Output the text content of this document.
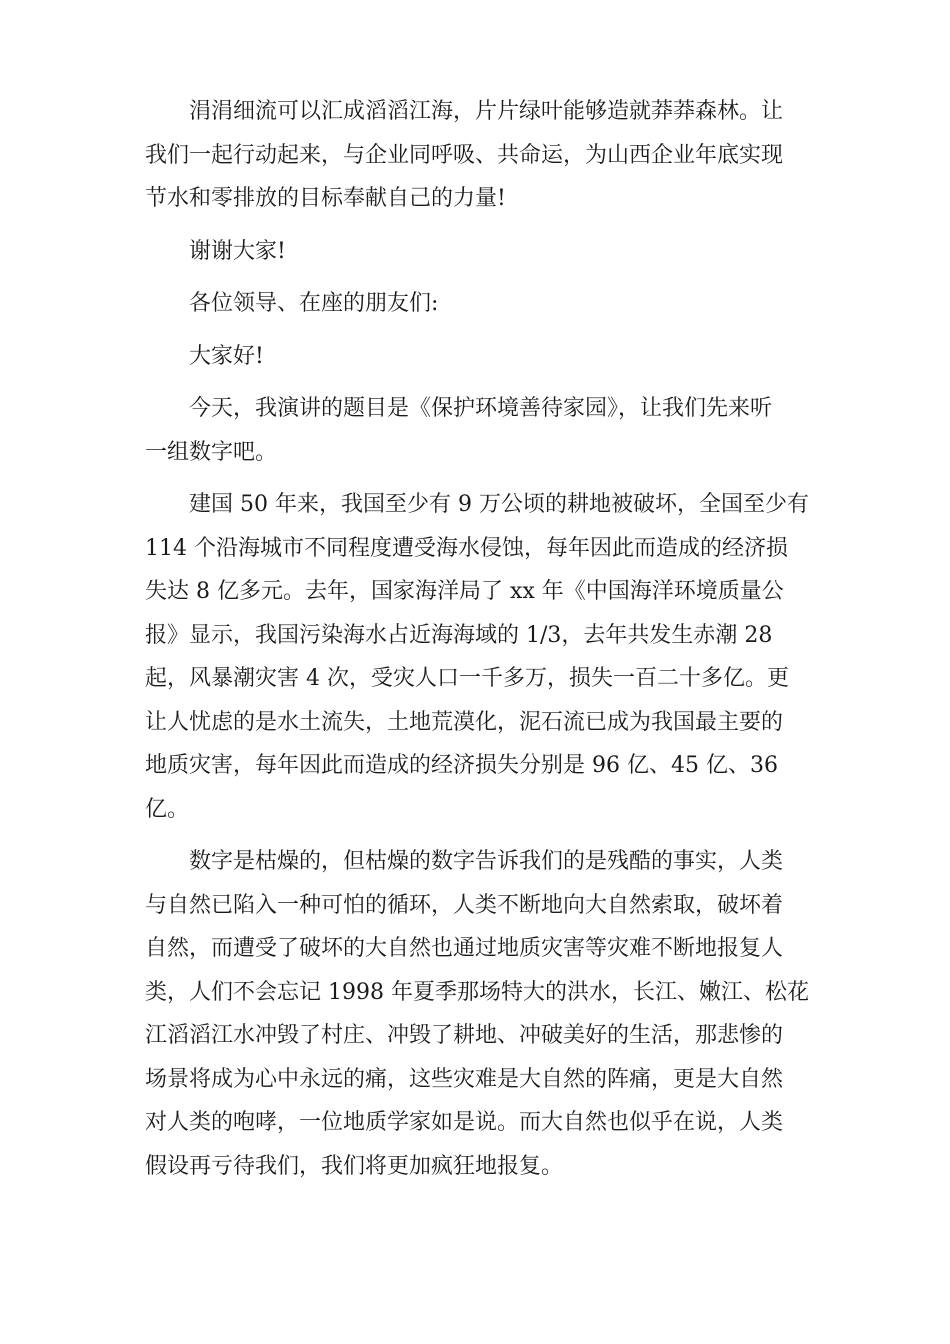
涓涓细流可以汇成滔滔江海，片片绿叶能够造就莽莽森林。让
我们一起行动起来，与企业同呼吸、共命运，为山西企业年底实现
节水和零排放的目标奉献自己的力量!
谢谢大家!
各位领导、在座的朋友们:
大家好!
今天，我演讲的题目是《保护环境善待家园》，让我们先来听
一组数字吧。
建国 50 年来，我国至少有 9 万公顷的耕地被破坏，全国至少有
114 个沿海城市不同程度遭受海水侵蚀，每年因此而造成的经济损
失达 8 亿多元。去年，国家海洋局了 xx 年《中国海洋环境质量公
报》显示，我国污染海水占近海海域的 1/3，去年共发生赤潮 28
起，风暴潮灾害 4 次，受灾人口一千多万，损失一百二十多亿。更
让人忧虑的是水土流失，土地荒漠化，泥石流已成为我国最主要的
地质灾害，每年因此而造成的经济损失分别是 96 亿、45 亿、36
亿。
数字是枯燥的，但枯燥的数字告诉我们的是残酷的事实，人类
与自然已陷入一种可怕的循环，人类不断地向大自然索取，破坏着
自然，而遭受了破坏的大自然也通过地质灾害等灾难不断地报复人
类，人们不会忘记 1998 年夏季那场特大的洪水，长江、嫩江、松花
江滔滔江水冲毁了村庄、冲毁了耕地、冲破美好的生活，那悲惨的
场景将成为心中永远的痛，这些灾难是大自然的阵痛，更是大自然
对人类的咆哮，一位地质学家如是说。而大自然也似乎在说，人类
假设再亏待我们，我们将更加疯狂地报复。
